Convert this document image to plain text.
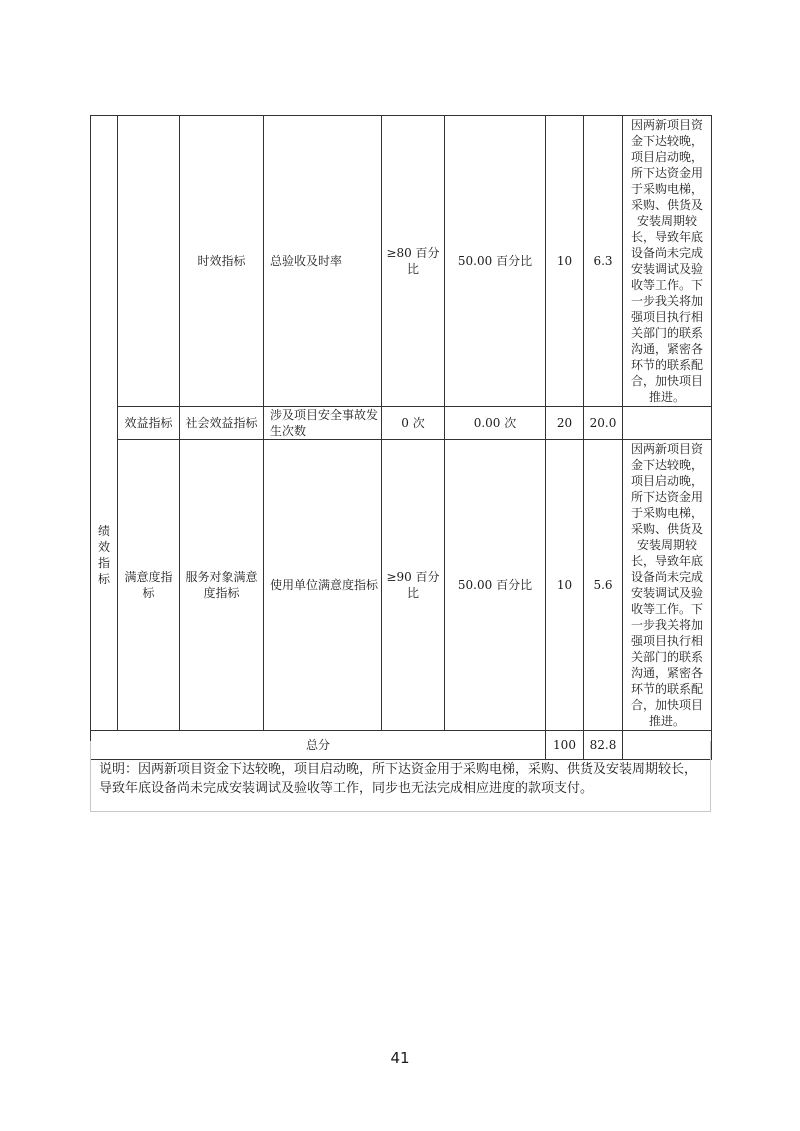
绩效指标		时效指标	总验收及时率	≥80 百分比	50.00 百分比	10	6.3	因两新项目资金下达较晚，项目启动晚，所下达资金用于采购电梯，采购、供货及安装周期较长，导致年底设备尚未完成安装调试及验收等工作。下一步我关将加强项目执行相关部门的联系沟通，紧密各环节的联系配合，加快项目推进。
	效益指标	社会效益指标	涉及项目安全事故发生次数	0 次	0.00 次	20	20.0	
	满意度指标	服务对象满意度指标	使用单位满意度指标	≥90 百分比	50.00 百分比	10	5.6	因两新项目资金下达较晚，项目启动晚，所下达资金用于采购电梯，采购、供货及安装周期较长，导致年底设备尚未完成安装调试及验收等工作。下一步我关将加强项目执行相关部门的联系沟通，紧密各环节的联系配合，加快项目推进。
总分						100	82.8	
说明：因两新项目资金下达较晚，项目启动晚，所下达资金用于采购电梯，采购、供货及安装周期较长，导致年底设备尚未完成安装调试及验收等工作，同步也无法完成相应进度的款项支付。
41
